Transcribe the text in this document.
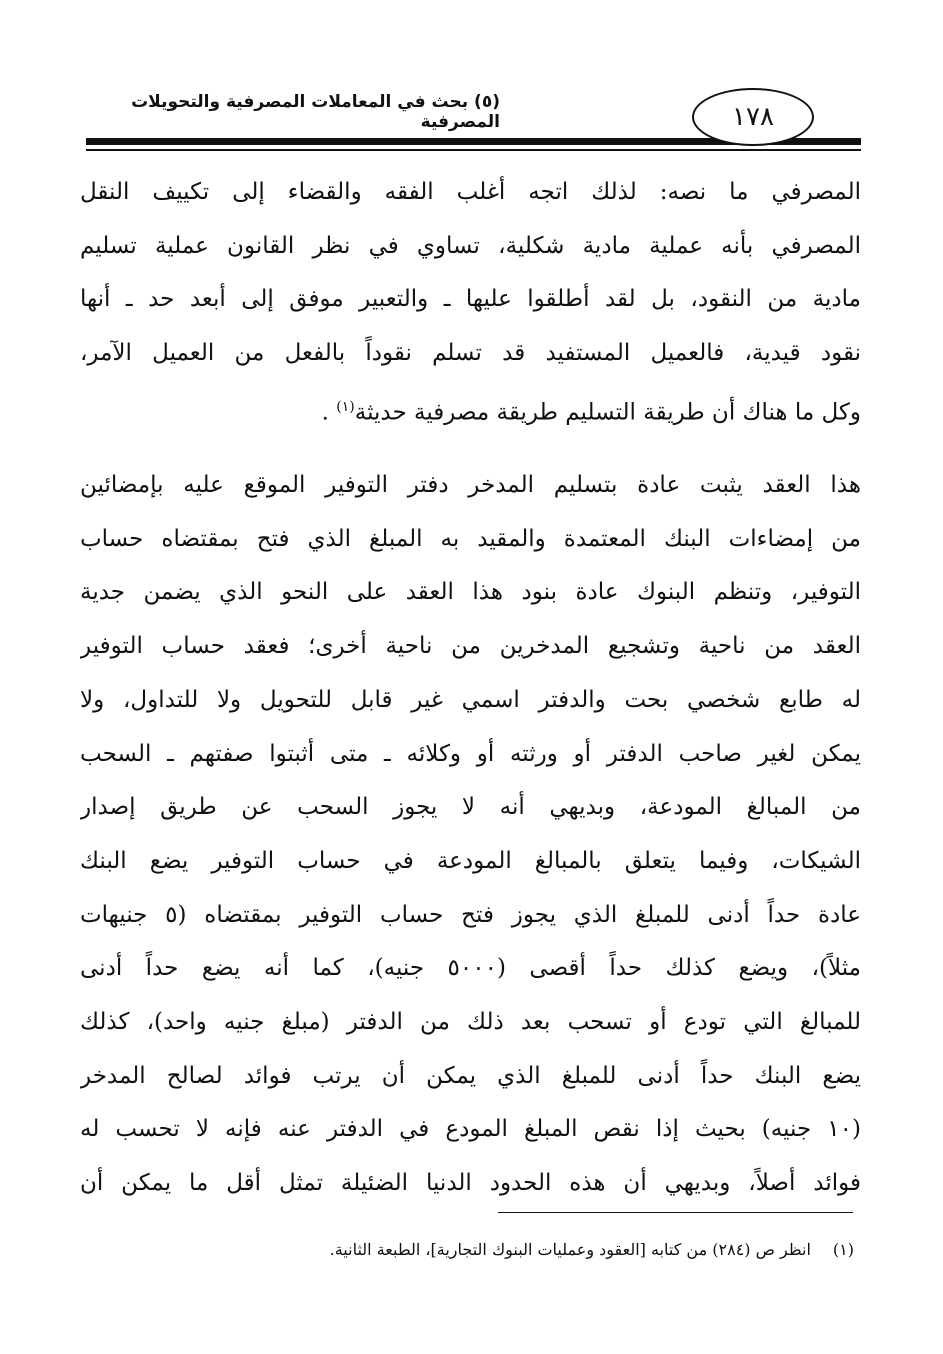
١٧٨
(٥) بحث في المعاملات المصرفية والتحويلات المصرفية
المصرفي ما نصه: لذلك اتجه أغلب الفقه والقضاء إلى تكييف النقل
المصرفي بأنه عملية مادية شكلية، تساوي في نظر القانون عملية تسليم
مادية من النقود، بل لقد أطلقوا عليها ـ والتعبير موفق إلى أبعد حد ـ أنها
نقود قيدية، فالعميل المستفيد قد تسلم نقوداً بالفعل من العميل الآمر،
وكل ما هناك أن طريقة التسليم طريقة مصرفية حديثة$^{(١)}$ .
هذا العقد يثبت عادة بتسليم المدخر دفتر التوفير الموقع عليه بإمضائين
من إمضاءات البنك المعتمدة والمقيد به المبلغ الذي فتح بمقتضاه حساب
التوفير، وتنظم البنوك عادة بنود هذا العقد على النحو الذي يضمن جدية
العقد من ناحية وتشجيع المدخرين من ناحية أخرى؛ فعقد حساب التوفير
له طابع شخصي بحت والدفتر اسمي غير قابل للتحويل ولا للتداول، ولا
يمكن لغير صاحب الدفتر أو ورثته أو وكلائه ـ متى أثبتوا صفتهم ـ السحب
من المبالغ المودعة، وبديهي أنه لا يجوز السحب عن طريق إصدار
الشيكات، وفيما يتعلق بالمبالغ المودعة في حساب التوفير يضع البنك
عادة حداً أدنى للمبلغ الذي يجوز فتح حساب التوفير بمقتضاه (٥ جنيهات
مثلاً)، ويضع كذلك حداً أقصى (٥٠٠٠ جنيه)، كما أنه يضع حداً أدنى
للمبالغ التي تودع أو تسحب بعد ذلك من الدفتر (مبلغ جنيه واحد)، كذلك
يضع البنك حداً أدنى للمبلغ الذي يمكن أن يرتب فوائد لصالح المدخر
(١٠ جنيه) بحيث إذا نقص المبلغ المودع في الدفتر عنه فإنه لا تحسب له
فوائد أصلاً، وبديهي أن هذه الحدود الدنيا الضئيلة تمثل أقل ما يمكن أن
(١)انظر ص (٢٨٤) من كتابه [العقود وعمليات البنوك التجارية]، الطبعة الثانية.
